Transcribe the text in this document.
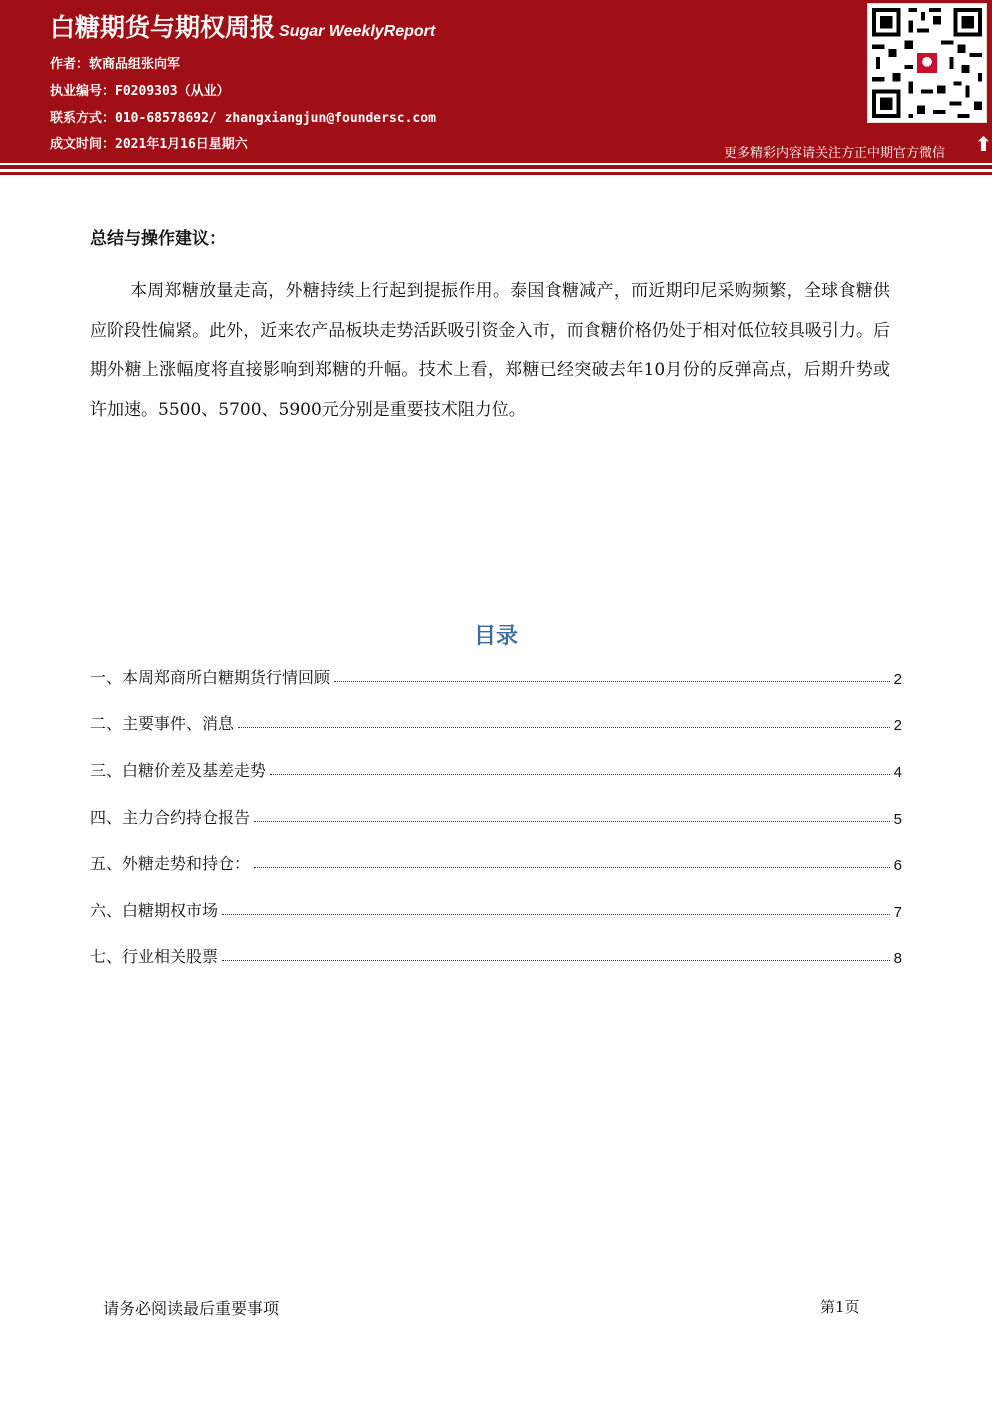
白糖期货与期权周报 Sugar WeeklyReport
作者：软商品组张向军
执业编号：F0209303（从业）
联系方式：010-68578692/ zhangxiangjun@foundersc.com
成文时间：2021年1月16日星期六
更多精彩内容请关注方正中期官方微信 ⬆
总结与操作建议：
本周郑糖放量走高，外糖持续上行起到提振作用。泰国食糖减产，而近期印尼采购频繁，全球食糖供应阶段性偏紧。此外，近来农产品板块走势活跃吸引资金入市，而食糖价格仍处于相对低位较具吸引力。后期外糖上涨幅度将直接影响到郑糖的升幅。技术上看，郑糖已经突破去年10月份的反弹高点，后期升势或许加速。5500、5700、5900元分别是重要技术阻力位。
目录
一、本周郑商所白糖期货行情回顾	2
二、主要事件、消息	2
三、白糖价差及基差走势	4
四、主力合约持仓报告	5
五、外糖走势和持仓：	6
六、白糖期权市场	7
七、行业相关股票	8
请务必阅读最后重要事项	第1页
